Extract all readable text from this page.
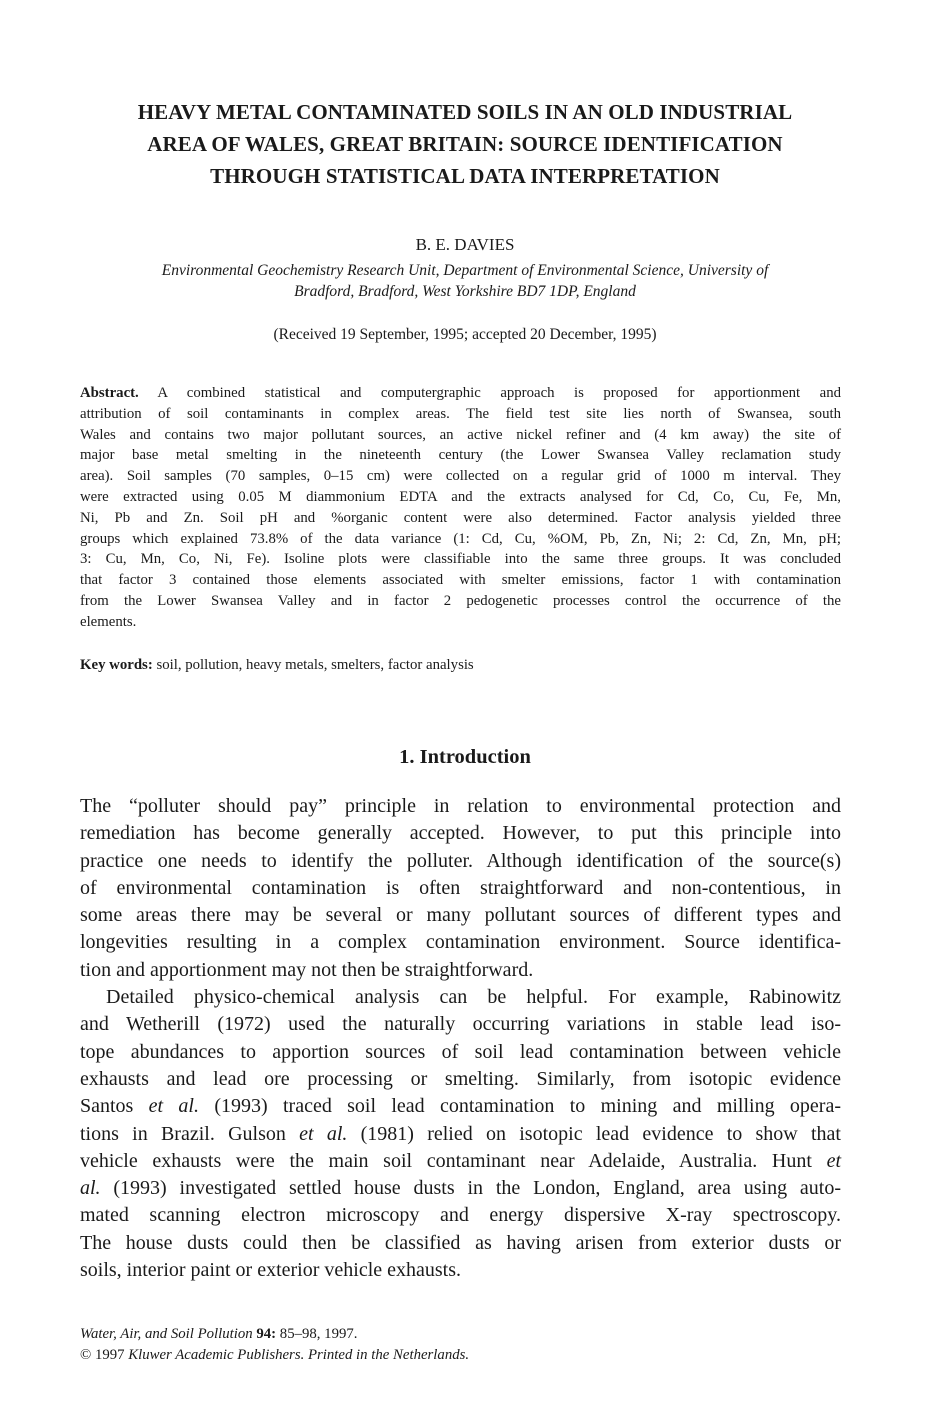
HEAVY METAL CONTAMINATED SOILS IN AN OLD INDUSTRIAL
AREA OF WALES, GREAT BRITAIN: SOURCE IDENTIFICATION
THROUGH STATISTICAL DATA INTERPRETATION
B. E. DAVIES
Environmental Geochemistry Research Unit, Department of Environmental Science, University of
Bradford, Bradford, West Yorkshire BD7 1DP, England
(Received 19 September, 1995; accepted 20 December, 1995)
Abstract. A combined statistical and computergraphic approach is proposed for apportionment and
attribution of soil contaminants in complex areas. The field test site lies north of Swansea, south
Wales and contains two major pollutant sources, an active nickel refiner and (4 km away) the site of
major base metal smelting in the nineteenth century (the Lower Swansea Valley reclamation study
area). Soil samples (70 samples, 0–15 cm) were collected on a regular grid of 1000 m interval. They
were extracted using 0.05 M diammonium EDTA and the extracts analysed for Cd, Co, Cu, Fe, Mn,
Ni, Pb and Zn. Soil pH and %organic content were also determined. Factor analysis yielded three
groups which explained 73.8% of the data variance (1: Cd, Cu, %OM, Pb, Zn, Ni; 2: Cd, Zn, Mn, pH;
3: Cu, Mn, Co, Ni, Fe). Isoline plots were classifiable into the same three groups. It was concluded
that factor 3 contained those elements associated with smelter emissions, factor 1 with contamination
from the Lower Swansea Valley and in factor 2 pedogenetic processes control the occurrence of the
elements.
Key words: soil, pollution, heavy metals, smelters, factor analysis
1. Introduction
The “polluter should pay” principle in relation to environmental protection and
remediation has become generally accepted. However, to put this principle into
practice one needs to identify the polluter. Although identification of the source(s)
of environmental contamination is often straightforward and non-contentious, in
some areas there may be several or many pollutant sources of different types and
longevities resulting in a complex contamination environment. Source identifica-
tion and apportionment may not then be straightforward.
Detailed physico-chemical analysis can be helpful. For example, Rabinowitz
and Wetherill (1972) used the naturally occurring variations in stable lead iso-
tope abundances to apportion sources of soil lead contamination between vehicle
exhausts and lead ore processing or smelting. Similarly, from isotopic evidence
Santos et al. (1993) traced soil lead contamination to mining and milling opera-
tions in Brazil. Gulson et al. (1981) relied on isotopic lead evidence to show that
vehicle exhausts were the main soil contaminant near Adelaide, Australia. Hunt et
al. (1993) investigated settled house dusts in the London, England, area using auto-
mated scanning electron microscopy and energy dispersive X-ray spectroscopy.
The house dusts could then be classified as having arisen from exterior dusts or
soils, interior paint or exterior vehicle exhausts.
Water, Air, and Soil Pollution 94: 85–98, 1997.
© 1997 Kluwer Academic Publishers. Printed in the Netherlands.
